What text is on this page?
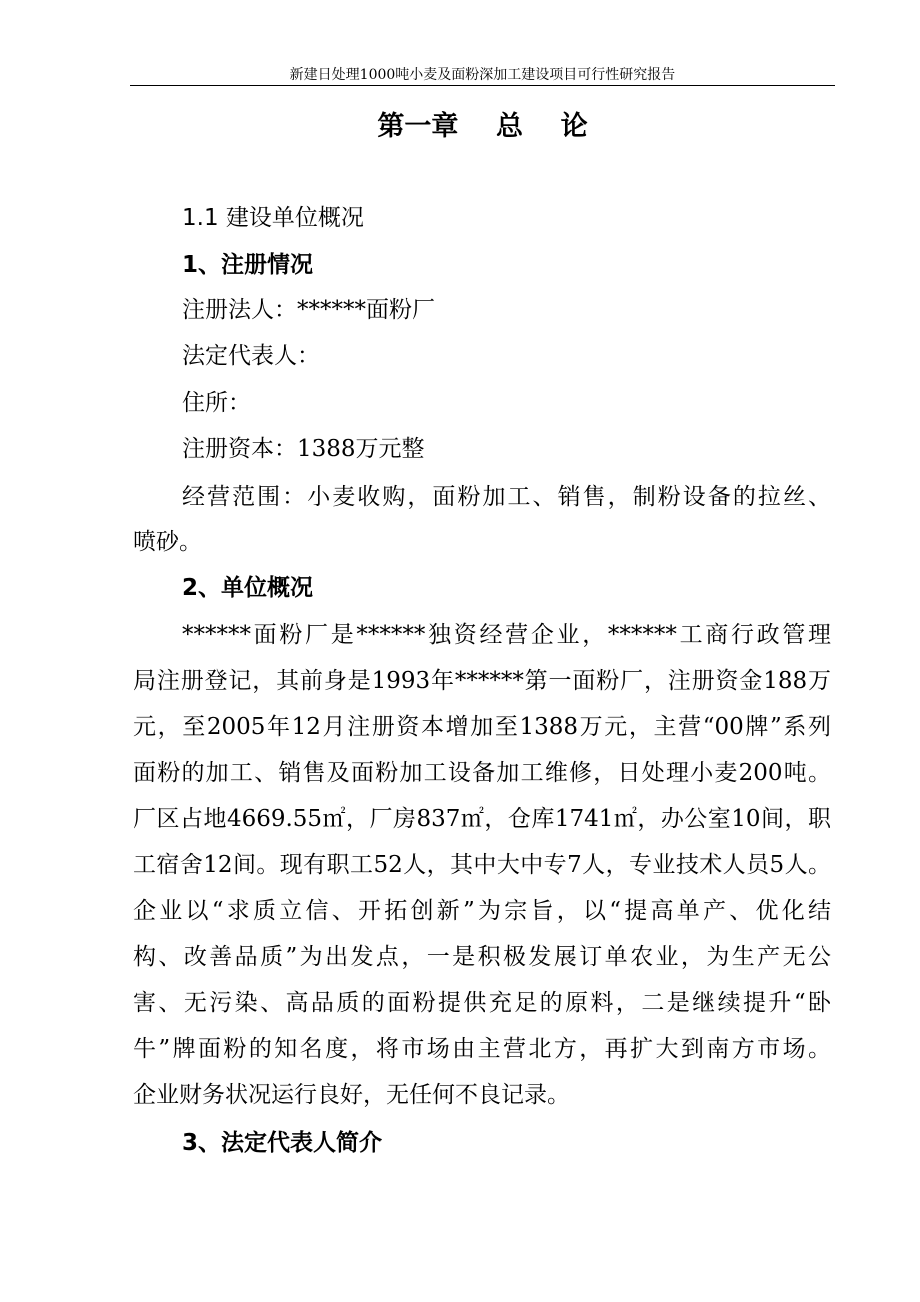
新建日处理1000吨小麦及面粉深加工建设项目可行性研究报告
第一章    总    论
1.1 建设单位概况
1、注册情况
注册法人：******面粉厂
法定代表人：
住所：
注册资本：1388万元整
经营范围：小麦收购，面粉加工、销售，制粉设备的拉丝、
喷砂。
2、单位概况
******面粉厂是******独资经营企业，******工商行政管理
局注册登记，其前身是1993年******第一面粉厂，注册资金188万
元，至2005年12月注册资本增加至1388万元，主营“00牌”系列
面粉的加工、销售及面粉加工设备加工维修，日处理小麦200吨。
厂区占地4669.55㎡，厂房837㎡，仓库1741㎡，办公室10间，职
工宿舍12间。现有职工52人，其中大中专7人，专业技术人员5人。
企业以“求质立信、开拓创新”为宗旨，以“提高单产、优化结
构、改善品质”为出发点，一是积极发展订单农业，为生产无公
害、无污染、高品质的面粉提供充足的原料，二是继续提升“卧
牛”牌面粉的知名度，将市场由主营北方，再扩大到南方市场。
企业财务状况运行良好，无任何不良记录。
3、法定代表人简介
